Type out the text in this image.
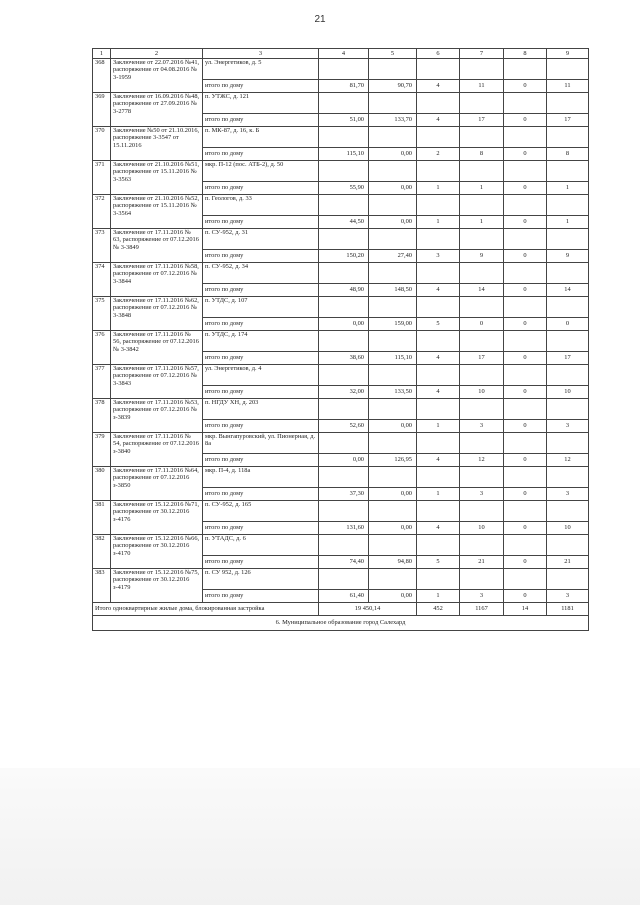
21
1	2	3	4	5	6	7	8	9
368	Заключение от 22.07.2016 №41, распоряжение от 04.08.2016 № 3-1959	ул. Энергетиков, д. 5						
		итого по дому	81,70	90,70	4	11	0	11
369	Заключение от 16.09.2016 №48, распоряжение от 27.09.2016 № 3-2778	п. УТЖС, д. 121						
		итого по дому	51,00	133,70	4	17	0	17
370	Заключение №50 от 21.10.2016, распоряжение 3-3547 от 15.11.2016	п. МК-87, д. 16, к. Б						
		итого по дому	115,10	0,00	2	8	0	8
371	Заключение от 21.10.2016 №51, распоряжение от 15.11.2016 № 3-3563	мкр. П-12 (пос. АТБ-2), д. 50						
		итого по дому	55,90	0,00	1	1	0	1
372	Заключение от 21.10.2016 №52, распоряжение от 15.11.2016 № 3-3564	п. Геологов, д. 33						
		итого по дому	44,50	0,00	1	1	0	1
373	Заключение от 17.11.2016 № 63, распоряжение от 07.12.2016 № 3-3849	п. СУ-952, д. 31						
		итого по дому	150,20	27,40	3	9	0	9
374	Заключение от 17.11.2016 №58, распоряжение от 07.12.2016 № 3-3844	п. СУ-952, д. 34						
		итого по дому	48,90	148,50	4	14	0	14
375	Заключение от 17.11.2016 №62, распоряжение от 07.12.2016 № 3-3848	п. УТДС, д. 107						
		итого по дому	0,00	159,00	5	0	0	0
376	Заключение от 17.11.2016 № 56, распоряжение от 07.12.2016 № 3-3842	п. УТДС, д. 174						
		итого по дому	38,60	115,10	4	17	0	17
377	Заключение от 17.11.2016 №57, распоряжение от 07.12.2016 № 3-3843	ул. Энергетиков, д. 4						
		итого по дому	32,00	133,50	4	10	0	10
378	Заключение от 17.11.2016 №53, распоряжение от 07.12.2016 № з-3839	п. НГДУ ХН, д. 203						
		итого по дому	52,60	0,00	1	3	0	3
379	Заключение от 17.11.2016 № 54, распоряжение от 07.12.2016 з-3840	мкр. Вынгапуровский, ул. Пионерная, д. 8а						
		итого по дому	0,00	126,95	4	12	0	12
380	Заключение от 17.11.2016 №64, распоряжение от 07.12.2016 з-3850	мкр. П-4, д. 118а						
		итого по дому	37,30	0,00	1	3	0	3
381	Заключение от 15.12.2016 №71, распоряжение от 30.12.2016 з-4176	п. СУ-952, д. 165						
		итого по дому	131,60	0,00	4	10	0	10
382	Заключение от 15.12.2016 №66, распоряжение от 30.12.2016 з-4170	п. УТАДС, д. 6						
		итого по дому	74,40	94,80	5	21	0	21
383	Заключение от 15.12.2016 №75, распоряжение от 30.12.2016 з-4179	п. СУ 952, д. 126						
		итого по дому	61,40	0,00	1	3	0	3
Итого одноквартирные жилые дома, блокированная застройка			19 450,14		452	1167	14	1181
6. Муниципальное образование город Салехард								
